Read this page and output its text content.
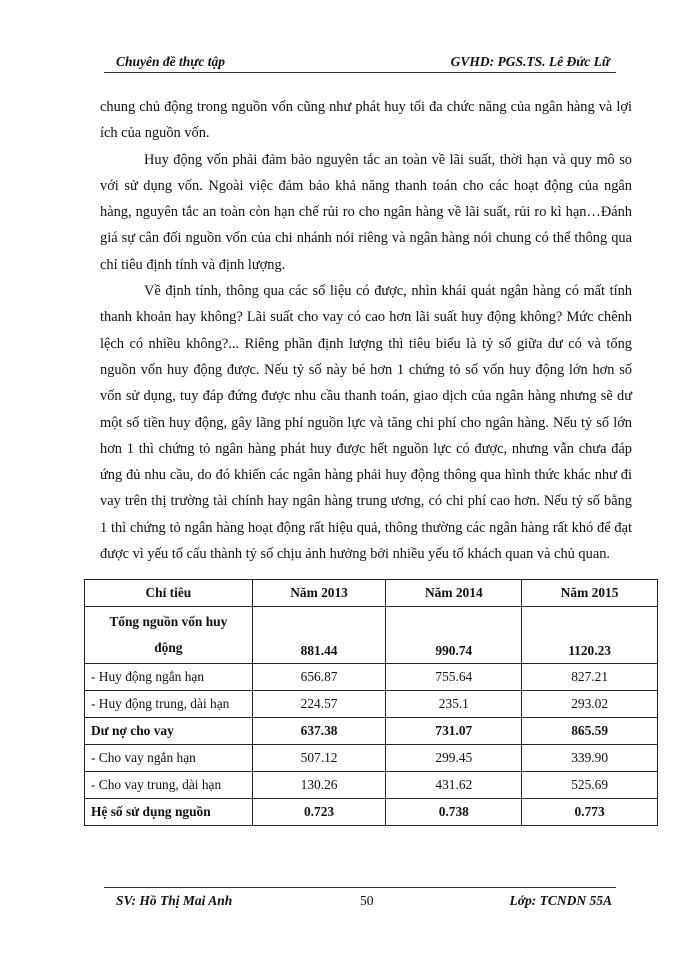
Chuyên đề thực tập	GVHD: PGS.TS. Lê Đức Lữ

chung chủ động trong nguồn vốn cũng như phát huy tối đa chức năng của ngân hàng và lợi ích của nguồn vốn.

Huy động vốn phải đảm bảo nguyên tắc an toàn về lãi suất, thời hạn và quy mô so với sử dụng vốn. Ngoài việc đảm bảo khả năng thanh toán cho các hoạt động của ngân hàng, nguyên tắc an toàn còn hạn chế rủi ro cho ngân hàng về lãi suất, rủi ro kì hạn…Đánh giá sự cân đối nguồn vốn của chi nhánh nói riêng và ngân hàng nói chung có thể thông qua chỉ tiêu định tính và định lượng.

Về định tính, thông qua các số liệu có được, nhìn khái quát ngân hàng có mất tính thanh khoản hay không? Lãi suất cho vay có cao hơn lãi suất huy động không? Mức chênh lệch có nhiều không?... Riêng phần định lượng thì tiêu biểu là tỷ số giữa dư có và tổng nguồn vốn huy động được. Nếu tỷ số này bé hơn 1 chứng tỏ số vốn huy động lớn hơn số vốn sử dụng, tuy đáp đứng được nhu cầu thanh toán, giao dịch của ngân hàng nhưng sẽ dư một số tiền huy động, gây lãng phí nguồn lực và tăng chi phí cho ngân hàng. Nếu tỷ số lớn hơn 1 thì chứng tỏ ngân hàng phát huy được hết nguồn lực có được, nhưng vẫn chưa đáp ứng đủ nhu cầu, do đó khiến các ngân hàng phải huy động thông qua hình thức khác như đi vay trên thị trường tài chính hay ngân hàng trung ương, có chi phí cao hơn. Nếu tỷ số bằng 1 thì chứng tỏ ngân hàng hoạt động rất hiệu quả, thông thường các ngân hàng rất khó để đạt được vì yếu tố cấu thành tỷ số chịu ảnh hưởng bởi nhiều yếu tố khách quan và chủ quan.

Chỉ tiêu	Năm 2013	Năm 2014	Năm 2015

Tổng nguồn vốn huy
động	881.44	990.74	1120.23
- Huy động ngắn hạn	656.87	755.64	827.21
- Huy động trung, dài hạn	224.57	235.1	293.02
Dư nợ cho vay	637.38	731.07	865.59
- Cho vay ngắn hạn	507.12	299.45	339.90
- Cho vay trung, dài hạn	130.26	431.62	525.69
Hệ số sử dụng nguồn	0.723	0.738	0.773
SV: Hồ Thị Mai Anh	50	Lớp: TCNDN 55A
